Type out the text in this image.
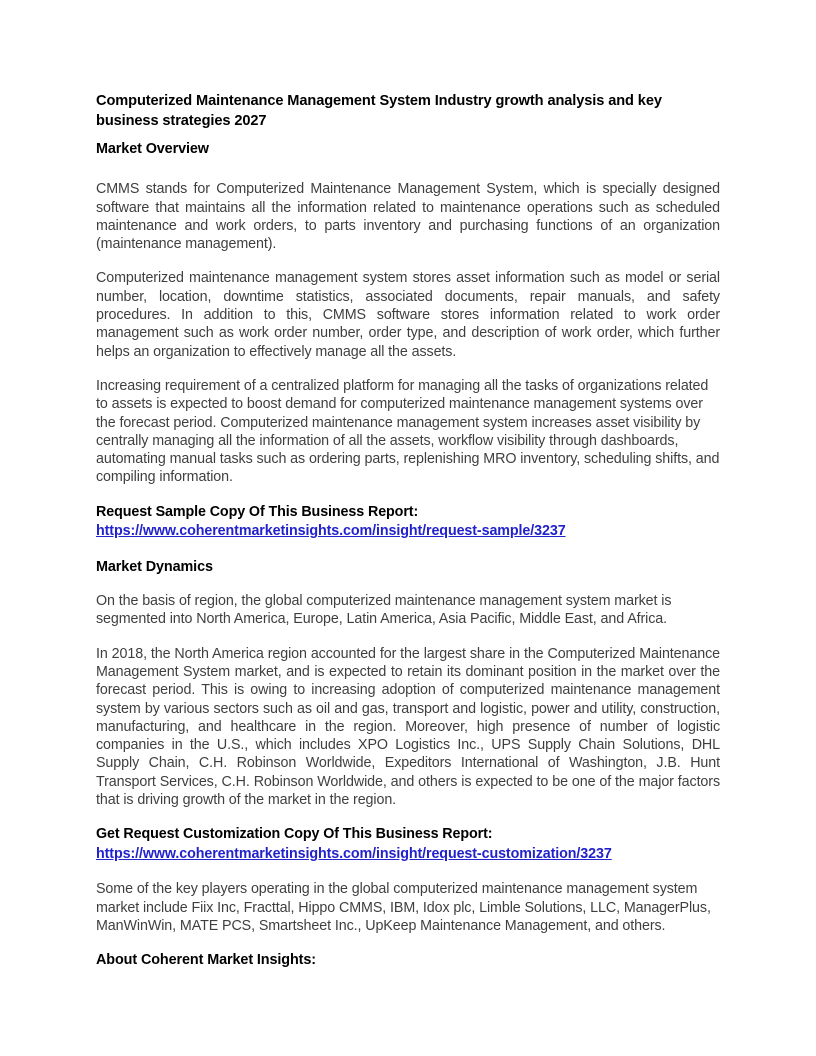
Computerized Maintenance Management System Industry growth analysis and key business strategies 2027
Market Overview

CMMS stands for Computerized Maintenance Management System, which is specially designed software that maintains all the information related to maintenance operations such as scheduled maintenance and work orders, to parts inventory and purchasing functions of an organization (maintenance management).

Computerized maintenance management system stores asset information such as model or serial number, location, downtime statistics, associated documents, repair manuals, and safety procedures. In addition to this, CMMS software stores information related to work order management such as work order number, order type, and description of work order, which further helps an organization to effectively manage all the assets.

Increasing requirement of a centralized platform for managing all the tasks of organizations related to assets is expected to boost demand for computerized maintenance management systems over the forecast period. Computerized maintenance management system increases asset visibility by centrally managing all the information of all the assets, workflow visibility through dashboards, automating manual tasks such as ordering parts, replenishing MRO inventory, scheduling shifts, and compiling information.

Request Sample Copy Of This Business Report:
https://www.coherentmarketinsights.com/insight/request-sample/3237
Market Dynamics

On the basis of region, the global computerized maintenance management system market is segmented into North America, Europe, Latin America, Asia Pacific, Middle East, and Africa.

In 2018, the North America region accounted for the largest share in the Computerized Maintenance Management System market, and is expected to retain its dominant position in the market over the forecast period. This is owing to increasing adoption of computerized maintenance management system by various sectors such as oil and gas, transport and logistic, power and utility, construction, manufacturing, and healthcare in the region. Moreover, high presence of number of logistic companies in the U.S., which includes XPO Logistics Inc., UPS Supply Chain Solutions, DHL Supply Chain, C.H. Robinson Worldwide, Expeditors International of Washington, J.B. Hunt Transport Services, C.H. Robinson Worldwide, and others is expected to be one of the major factors that is driving growth of the market in the region.

Get Request Customization Copy Of This Business Report:
https://www.coherentmarketinsights.com/insight/request-customization/3237

Some of the key players operating in the global computerized maintenance management system market include Fiix Inc, Fracttal, Hippo CMMS, IBM, Idox plc, Limble Solutions, LLC, ManagerPlus, ManWinWin, MATE PCS, Smartsheet Inc., UpKeep Maintenance Management, and others.

About Coherent Market Insights:
